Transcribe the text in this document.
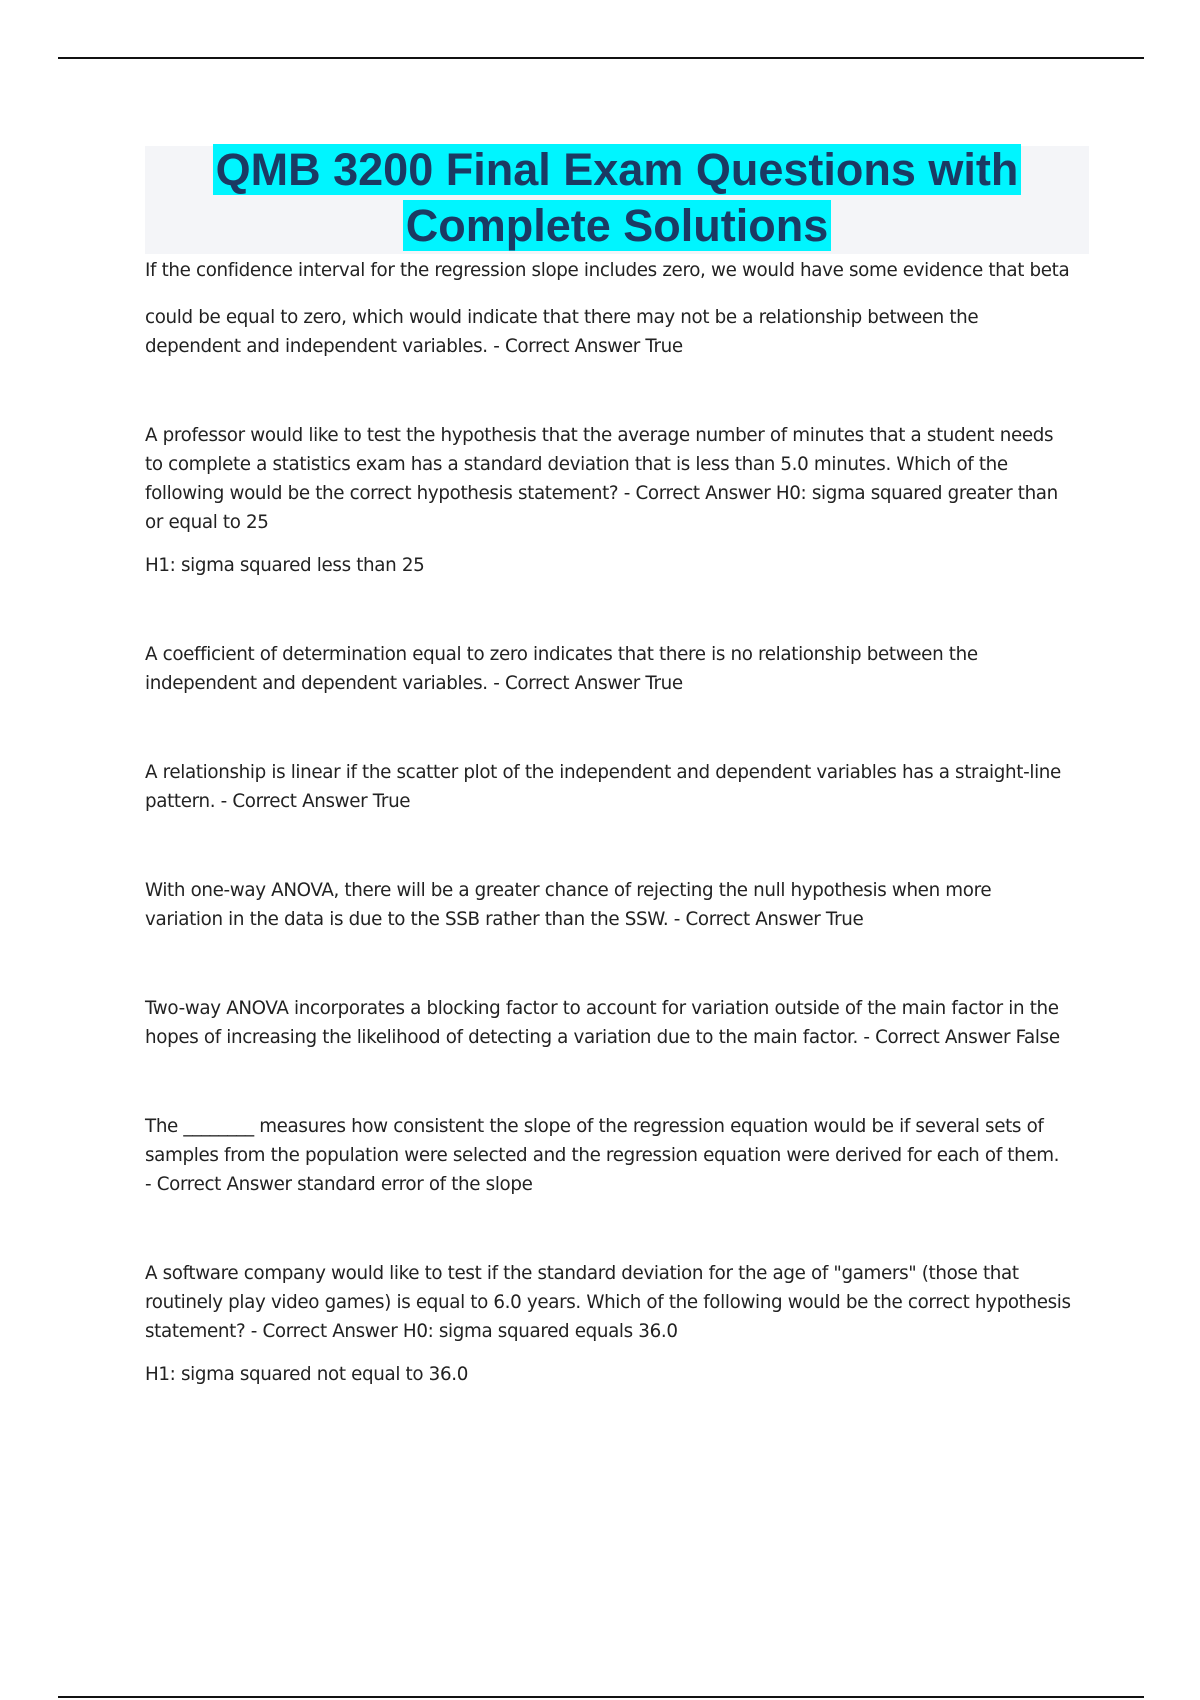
QMB 3200 Final Exam Questions with
Complete Solutions

If the confidence interval for the regression slope includes zero, we would have some evidence that beta

could be equal to zero, which would indicate that there may not be a relationship between the
dependent and independent variables. - Correct Answer True

A professor would like to test the hypothesis that the average number of minutes that a student needs
to complete a statistics exam has a standard deviation that is less than 5.0 minutes. Which of the
following would be the correct hypothesis statement? - Correct Answer H0: sigma squared greater than
or equal to 25

H1: sigma squared less than 25

A coefficient of determination equal to zero indicates that there is no relationship between the
independent and dependent variables. - Correct Answer True

A relationship is linear if the scatter plot of the independent and dependent variables has a straight-line
pattern. - Correct Answer True

With one-way ANOVA, there will be a greater chance of rejecting the null hypothesis when more
variation in the data is due to the SSB rather than the SSW. - Correct Answer True

Two-way ANOVA incorporates a blocking factor to account for variation outside of the main factor in the
hopes of increasing the likelihood of detecting a variation due to the main factor. - Correct Answer False

The ________ measures how consistent the slope of the regression equation would be if several sets of
samples from the population were selected and the regression equation were derived for each of them.
- Correct Answer standard error of the slope

A software company would like to test if the standard deviation for the age of "gamers" (those that
routinely play video games) is equal to 6.0 years. Which of the following would be the correct hypothesis
statement? - Correct Answer H0: sigma squared equals 36.0

H1: sigma squared not equal to 36.0
